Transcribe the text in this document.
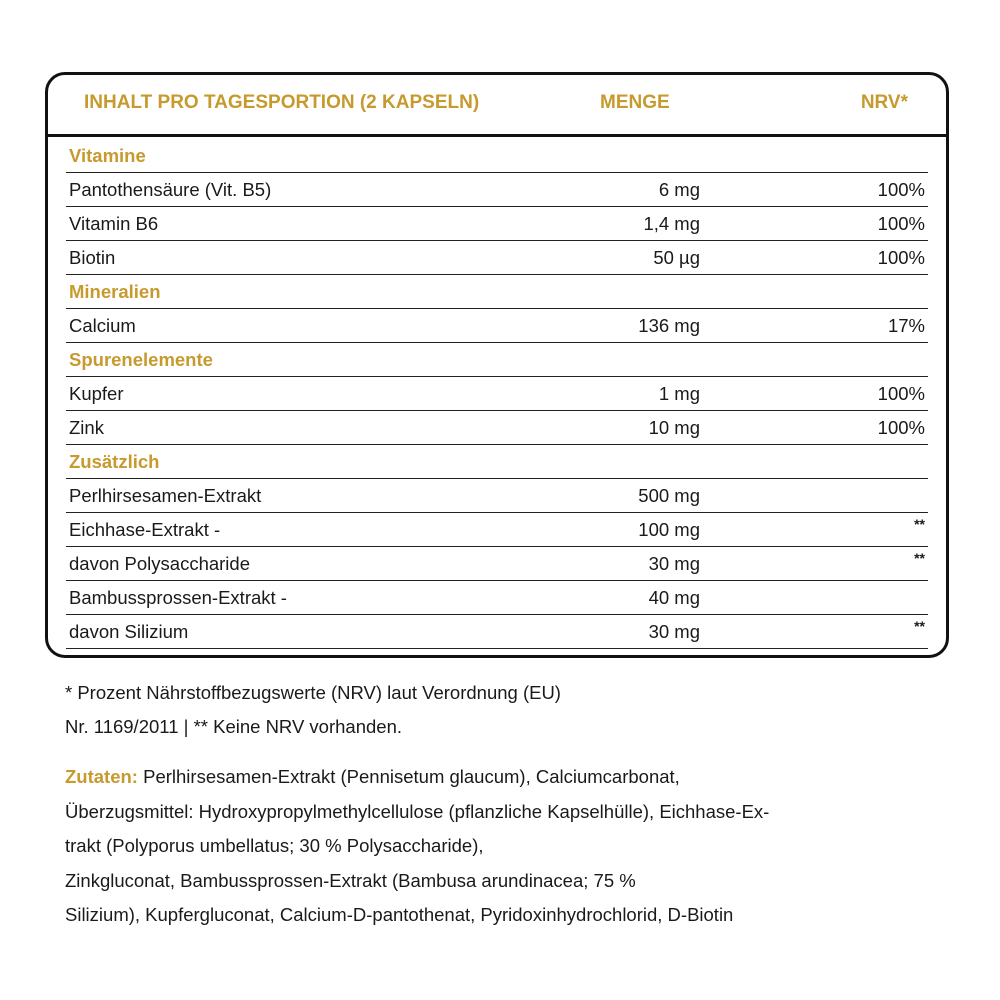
INHALT PRO TAGESPORTION (2 KAPSELN)	MENGE	NRV*
Vitamine
Pantothensäure (Vit. B5)	6 mg	100%
Vitamin B6	1,4 mg	100%
Biotin	50 µg	100%
Mineralien
Calcium	136 mg	17%
Spurenelemente
Kupfer	1 mg	100%
Zink	10 mg	100%
Zusätzlich
Perlhirsesamen-Extrakt	500 mg
Eichhase-Extrakt -	100 mg	**
davon Polysaccharide	30 mg	**
Bambussprossen-Extrakt -	40 mg
davon Silizium	30 mg	**

* Prozent Nährstoffbezugswerte (NRV) laut Verordnung (EU)

Nr. 1169/2011 | ** Keine NRV vorhanden.

Zutaten: Perlhirsesamen-Extrakt (Pennisetum glaucum), Calciumcarbonat,

Überzugsmittel: Hydroxypropylmethylcellulose (pflanzliche Kapselhülle), Eichhase-Ex-

trakt (Polyporus umbellatus; 30 % Polysaccharide),

Zinkgluconat, Bambussprossen-Extrakt (Bambusa arundinacea; 75 %

Silizium), Kupfergluconat, Calcium-D-pantothenat, Pyridoxinhydrochlorid, D-Biotin
